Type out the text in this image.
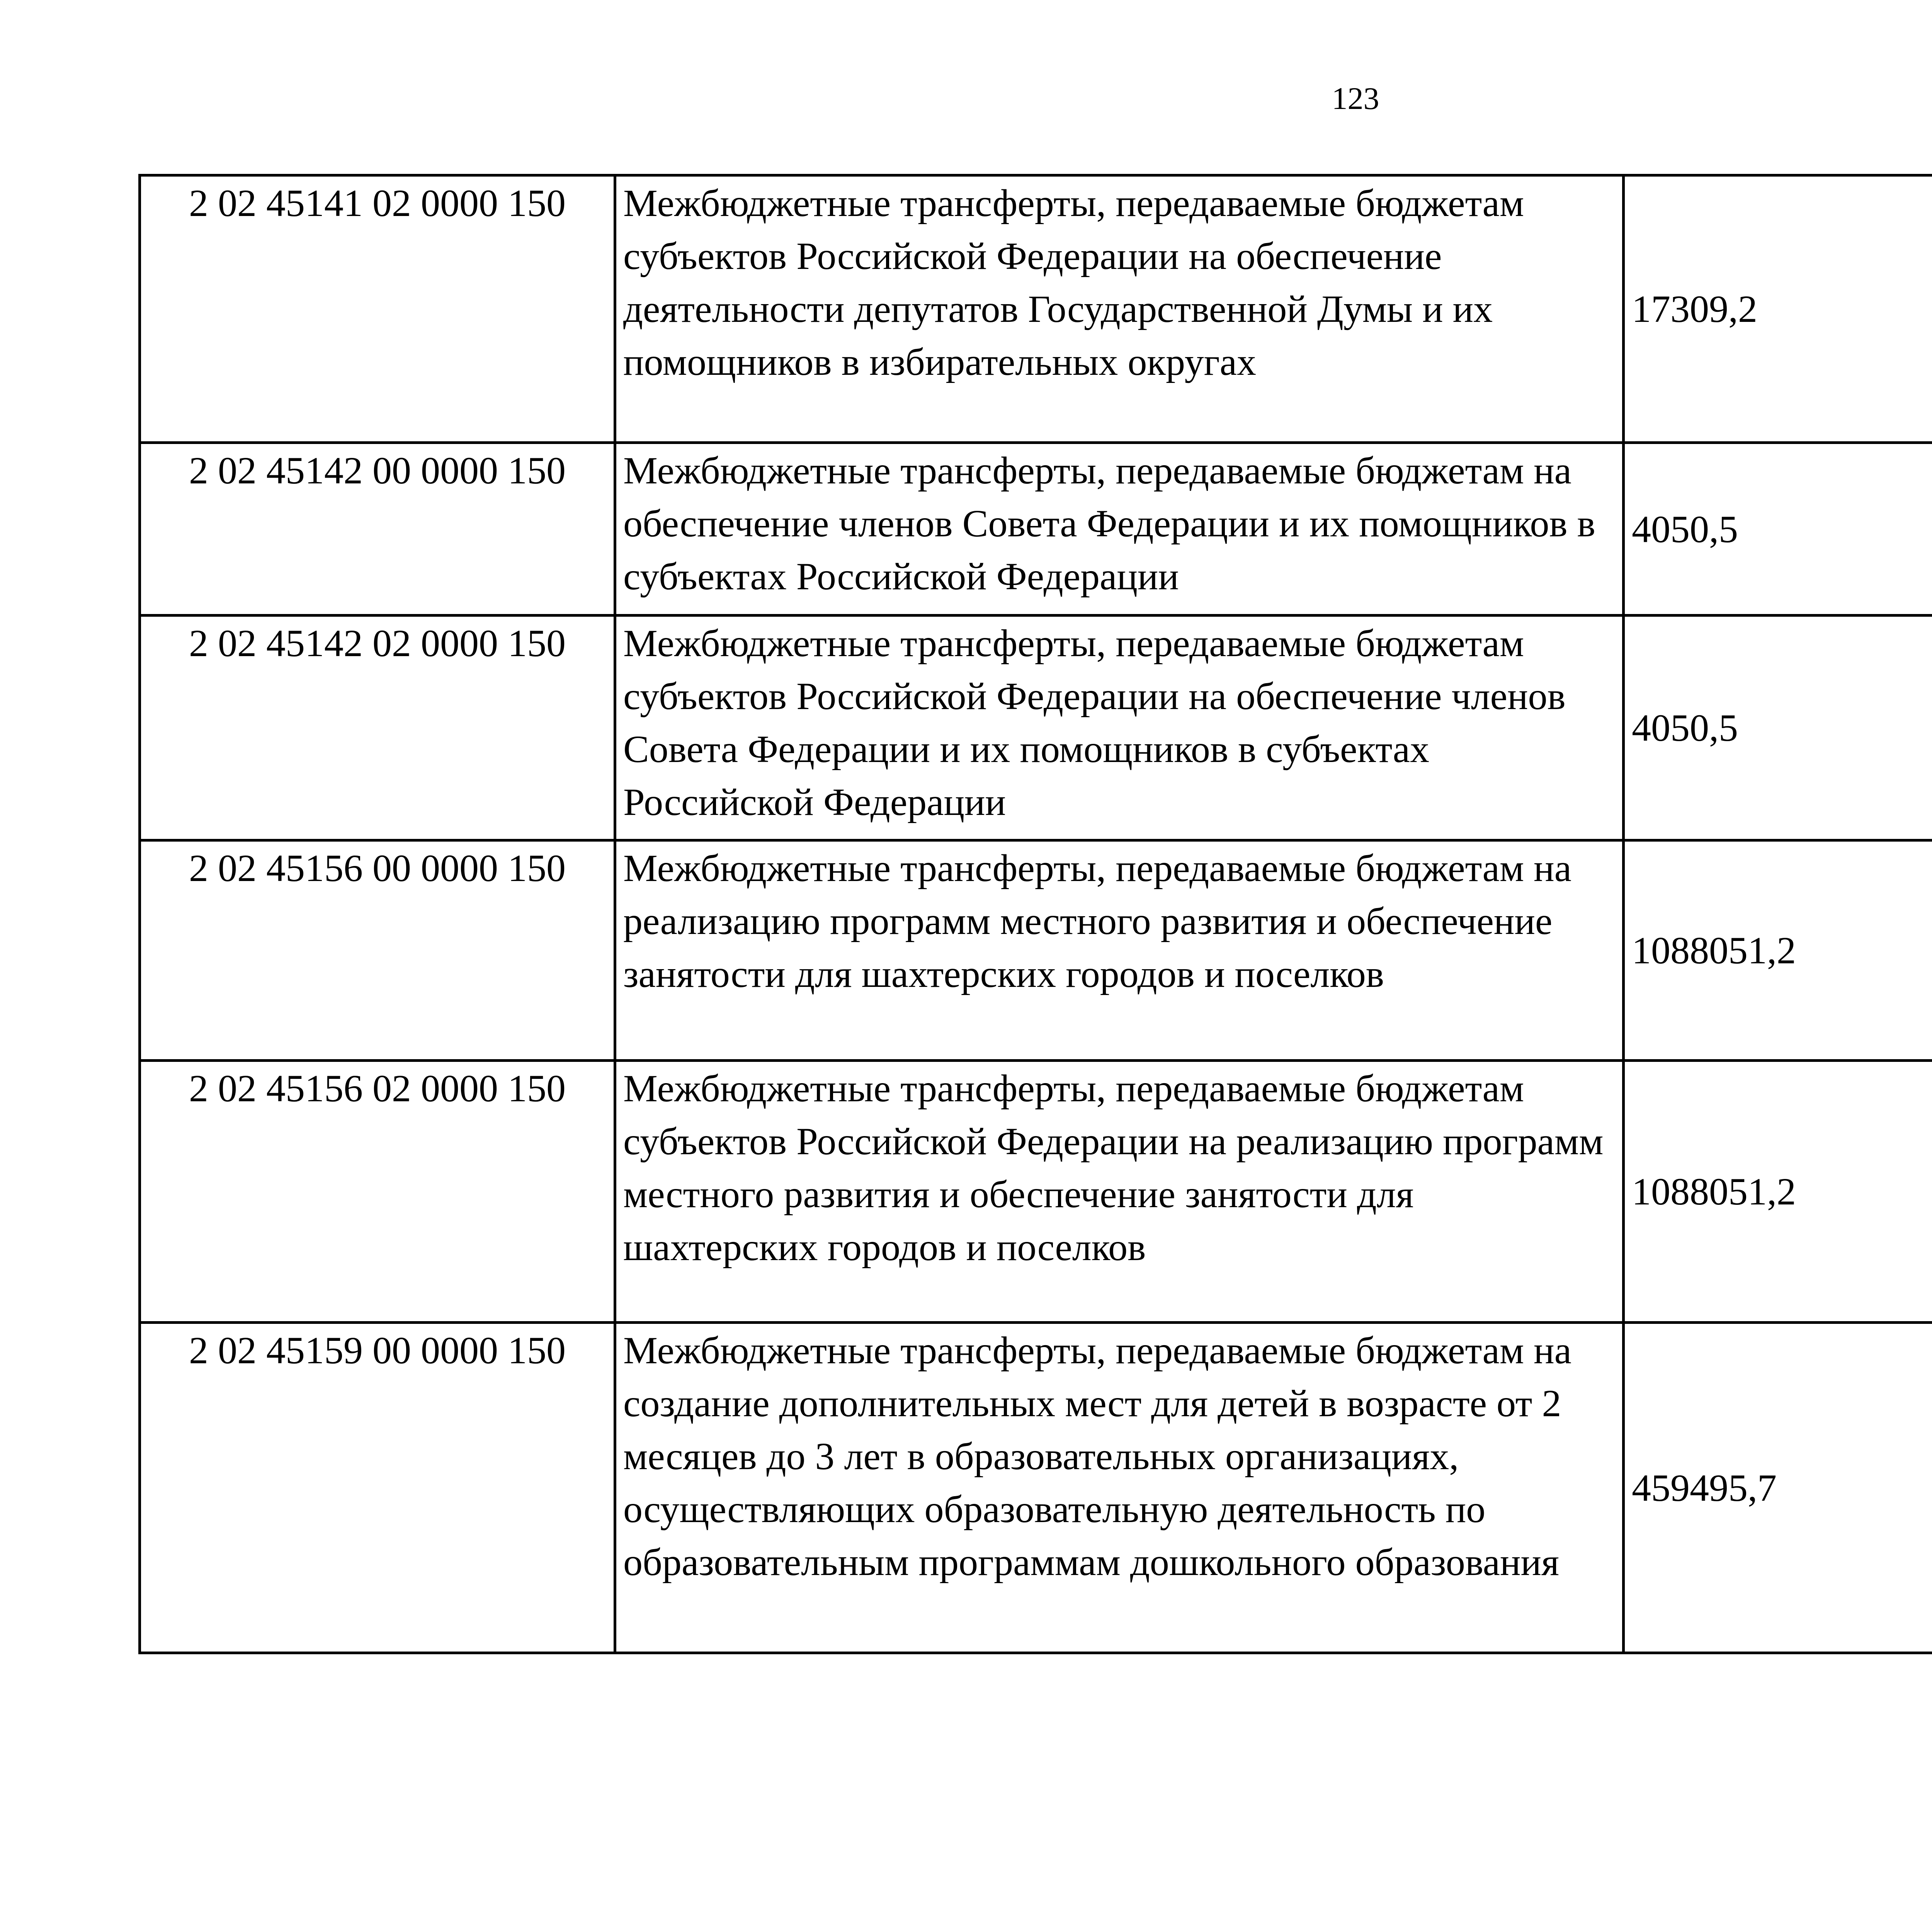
123
2 02 45141 02 0000 150	Межбюджетные трансферты, передаваемые бюджетам субъектов Российской Федерации на обеспечение деятельности депутатов Государственной Думы и их помощников в избирательных округах	17309,2		
2 02 45142 00 0000 150	Межбюджетные трансферты, передаваемые бюджетам на обеспечение членов Совета Федерации и их помощников в субъектах Российской Федерации	4050,5		
2 02 45142 02 0000 150	Межбюджетные трансферты, передаваемые бюджетам субъектов Российской Федерации на обеспечение членов Совета Федерации и их помощников в субъектах Российской Федерации	4050,5		
2 02 45156 00 0000 150	Межбюджетные трансферты, передаваемые бюджетам на реализацию программ местного развития и обеспечение занятости для шахтерских городов и поселков	1088051,2		
2 02 45156 02 0000 150	Межбюджетные трансферты, передаваемые бюджетам субъектов Российской Федерации на реализацию программ местного развития и обеспечение занятости для шахтерских городов и поселков	1088051,2		
2 02 45159 00 0000 150	Межбюджетные трансферты, передаваемые бюджетам на создание дополнительных мест для детей в возрасте от 2 месяцев до 3 лет в образовательных организациях, осуществляющих образовательную деятельность по образовательным программам дошкольного образования	459495,7		
